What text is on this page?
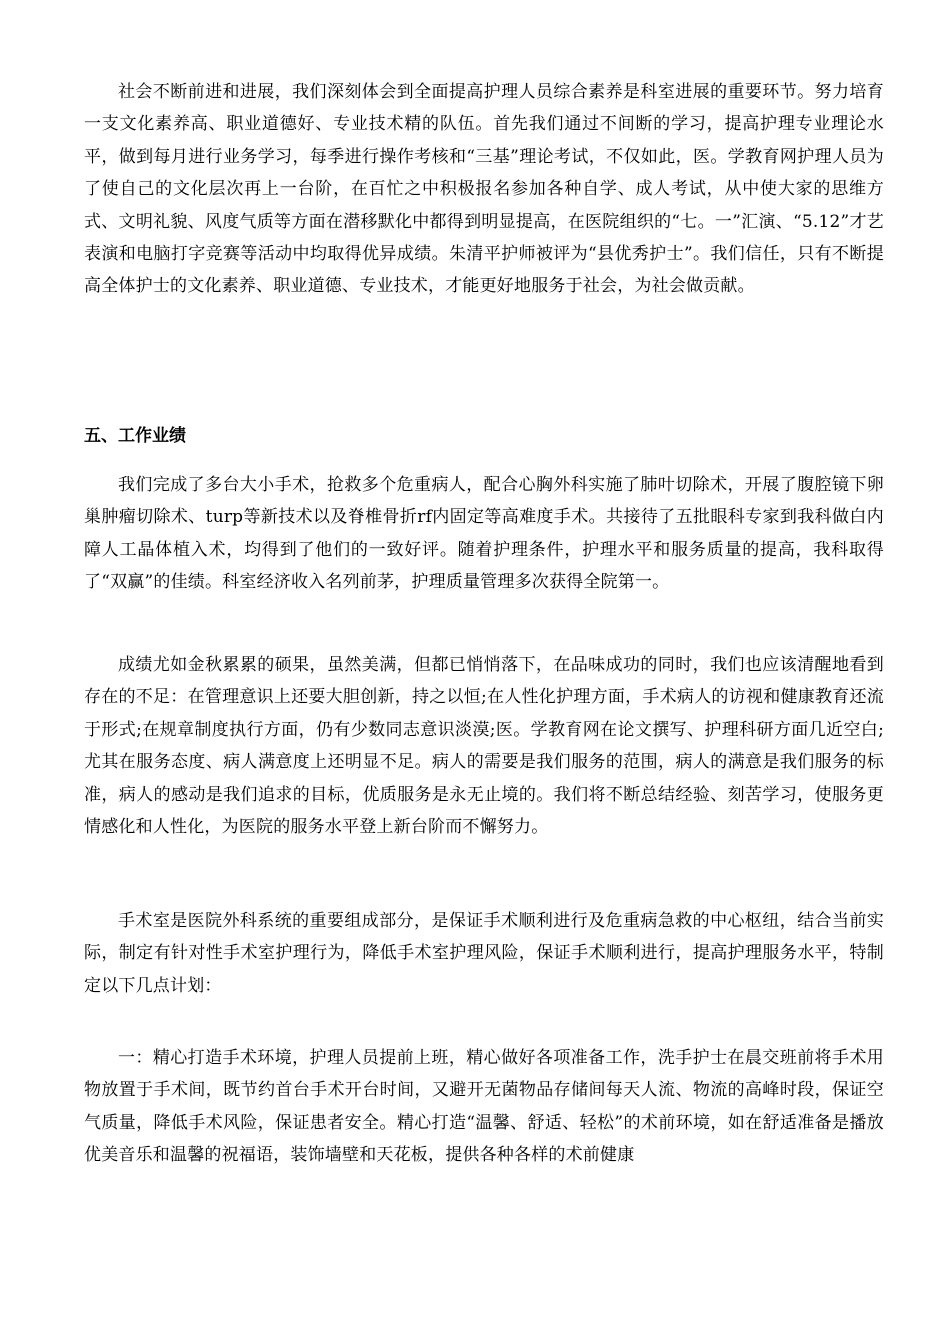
社会不断前进和进展，我们深刻体会到全面提高护理人员综合素养是科室进展的重要环节。努力培育一支文化素养高、职业道德好、专业技术精的队伍。首先我们通过不间断的学习，提高护理专业理论水平，做到每月进行业务学习，每季进行操作考核和“三基”理论考试，不仅如此，医。学教育网护理人员为了使自己的文化层次再上一台阶，在百忙之中积极报名参加各种自学、成人考试，从中使大家的思维方式、文明礼貌、风度气质等方面在潜移默化中都得到明显提高，在医院组织的“七。一”汇演、“5.12”才艺表演和电脑打字竞赛等活动中均取得优异成绩。朱清平护师被评为“县优秀护士”。我们信任，只有不断提高全体护士的文化素养、职业道德、专业技术，才能更好地服务于社会，为社会做贡献。

五、工作业绩

我们完成了多台大小手术，抢救多个危重病人，配合心胸外科实施了肺叶切除术，开展了腹腔镜下卵巢肿瘤切除术、turp等新技术以及脊椎骨折rf内固定等高难度手术。共接待了五批眼科专家到我科做白内障人工晶体植入术，均得到了他们的一致好评。随着护理条件，护理水平和服务质量的提高，我科取得了“双赢”的佳绩。科室经济收入名列前茅，护理质量管理多次获得全院第一。

成绩尤如金秋累累的硕果，虽然美满，但都已悄悄落下，在品味成功的同时，我们也应该清醒地看到存在的不足：在管理意识上还要大胆创新，持之以恒;在人性化护理方面，手术病人的访视和健康教育还流于形式;在规章制度执行方面，仍有少数同志意识淡漠;医。学教育网在论文撰写、护理科研方面几近空白;尤其在服务态度、病人满意度上还明显不足。病人的需要是我们服务的范围，病人的满意是我们服务的标准，病人的感动是我们追求的目标，优质服务是永无止境的。我们将不断总结经验、刻苦学习，使服务更情感化和人性化，为医院的服务水平登上新台阶而不懈努力。

手术室是医院外科系统的重要组成部分，是保证手术顺利进行及危重病急救的中心枢纽，结合当前实际，制定有针对性手术室护理行为，降低手术室护理风险，保证手术顺利进行，提高护理服务水平，特制定以下几点计划：

一：精心打造手术环境，护理人员提前上班，精心做好各项准备工作，洗手护士在晨交班前将手术用物放置于手术间，既节约首台手术开台时间，又避开无菌物品存储间每天人流、物流的高峰时段，保证空气质量，降低手术风险，保证患者安全。精心打造“温馨、舒适、轻松”的术前环境，如在舒适准备是播放优美音乐和温馨的祝福语，装饰墙壁和天花板，提供各种各样的术前健康
